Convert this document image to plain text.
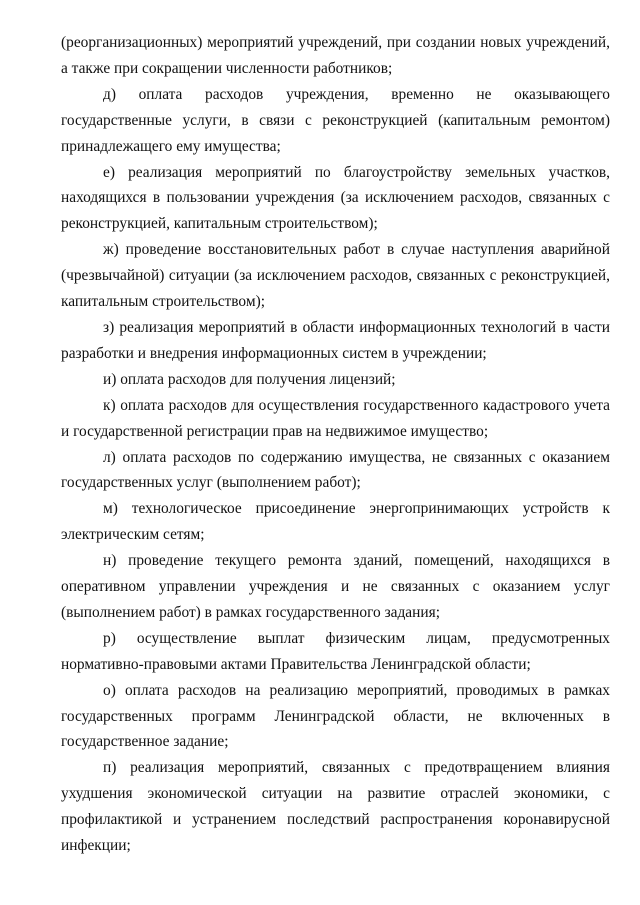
(реорганизационных) мероприятий учреждений, при создании новых учреждений, а также при сокращении численности работников;

д) оплата расходов учреждения, временно не оказывающего государственные услуги, в связи с реконструкцией (капитальным ремонтом) принадлежащего ему имущества;

е) реализация мероприятий по благоустройству земельных участков, находящихся в пользовании учреждения (за исключением расходов, связанных с реконструкцией, капитальным строительством);

ж) проведение восстановительных работ в случае наступления аварийной (чрезвычайной) ситуации (за исключением расходов, связанных с реконструкцией, капитальным строительством);

з) реализация мероприятий в области информационных технологий в части разработки и внедрения информационных систем в учреждении;

и) оплата расходов для получения лицензий;

к) оплата расходов для осуществления государственного кадастрового учета и государственной регистрации прав на недвижимое имущество;

л) оплата расходов по содержанию имущества, не связанных с оказанием государственных услуг (выполнением работ);

м) технологическое присоединение энергопринимающих устройств к электрическим сетям;

н) проведение текущего ремонта зданий, помещений, находящихся в оперативном управлении учреждения и не связанных с оказанием услуг (выполнением работ) в рамках государственного задания;

р) осуществление выплат физическим лицам, предусмотренных нормативно-правовыми актами Правительства Ленинградской области;

о) оплата расходов на реализацию мероприятий, проводимых в рамках государственных программ Ленинградской области, не включенных в государственное задание;

п) реализация мероприятий, связанных с предотвращением влияния ухудшения экономической ситуации на развитие отраслей экономики, с профилактикой и устранением последствий распространения коронавирусной инфекции;
